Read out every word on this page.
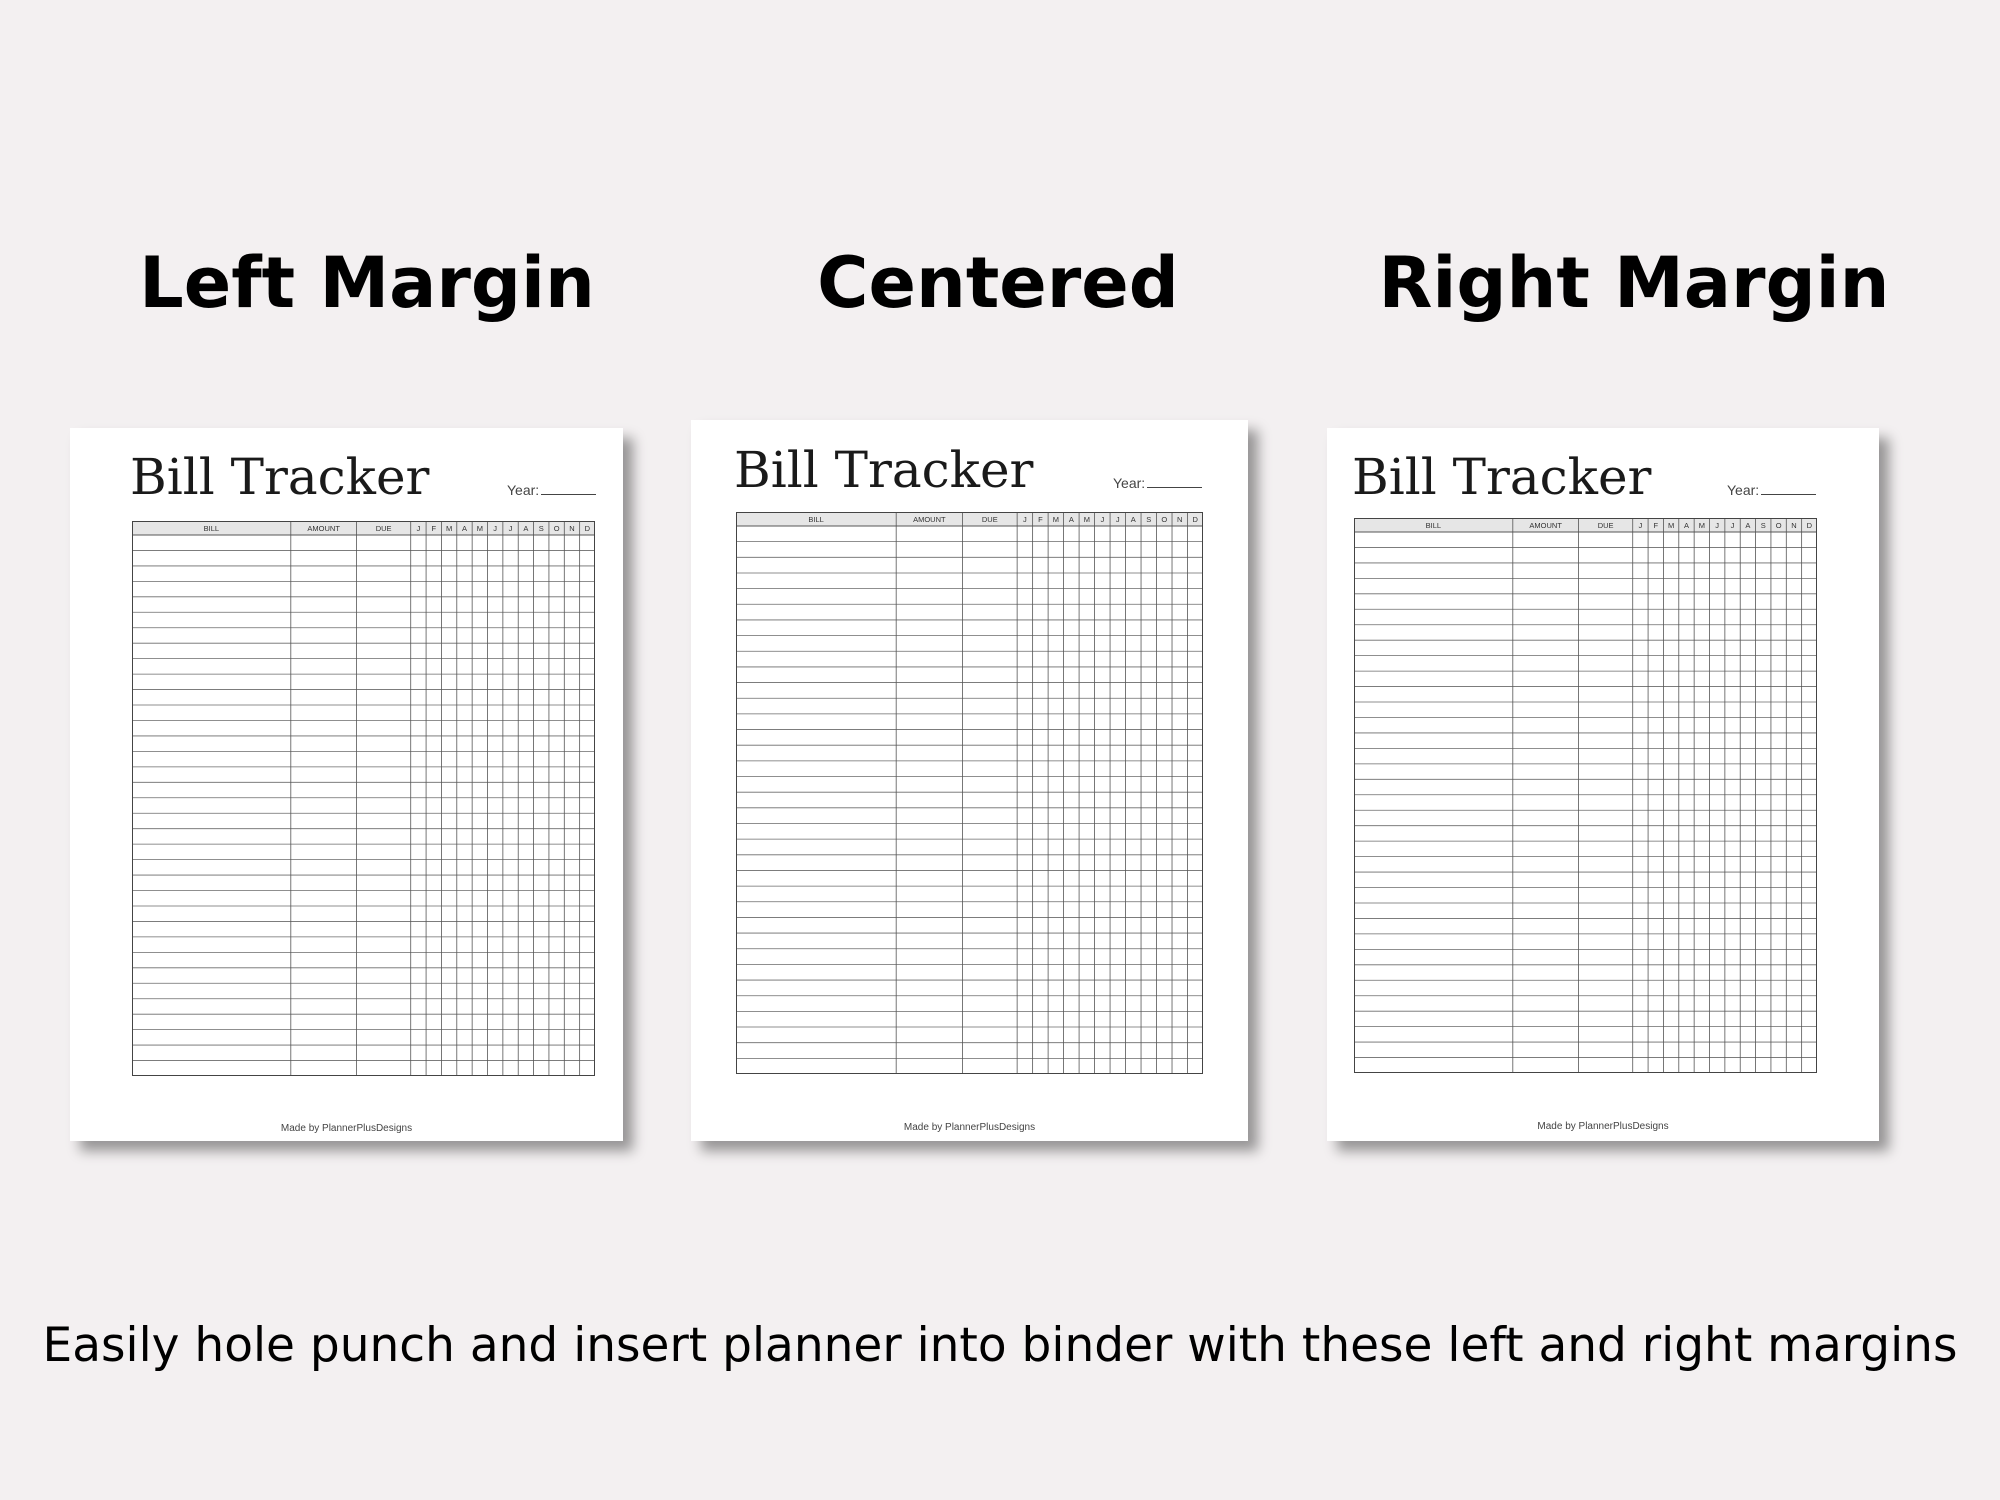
Left Margin	Centered	Right Margin
Bill Tracker	Year:
BILL	AMOUNT	DUE	J F M A M J J A S O N D
Made by PlannerPlusDesigns
Bill Tracker	Year:
BILL	AMOUNT	DUE	J F M A M J J A S O N D
Made by PlannerPlusDesigns
Bill Tracker	Year:
BILL	AMOUNT	DUE	J F M A M J J A S O N D
Made by PlannerPlusDesigns
Easily hole punch and insert planner into binder with these left and right margins
